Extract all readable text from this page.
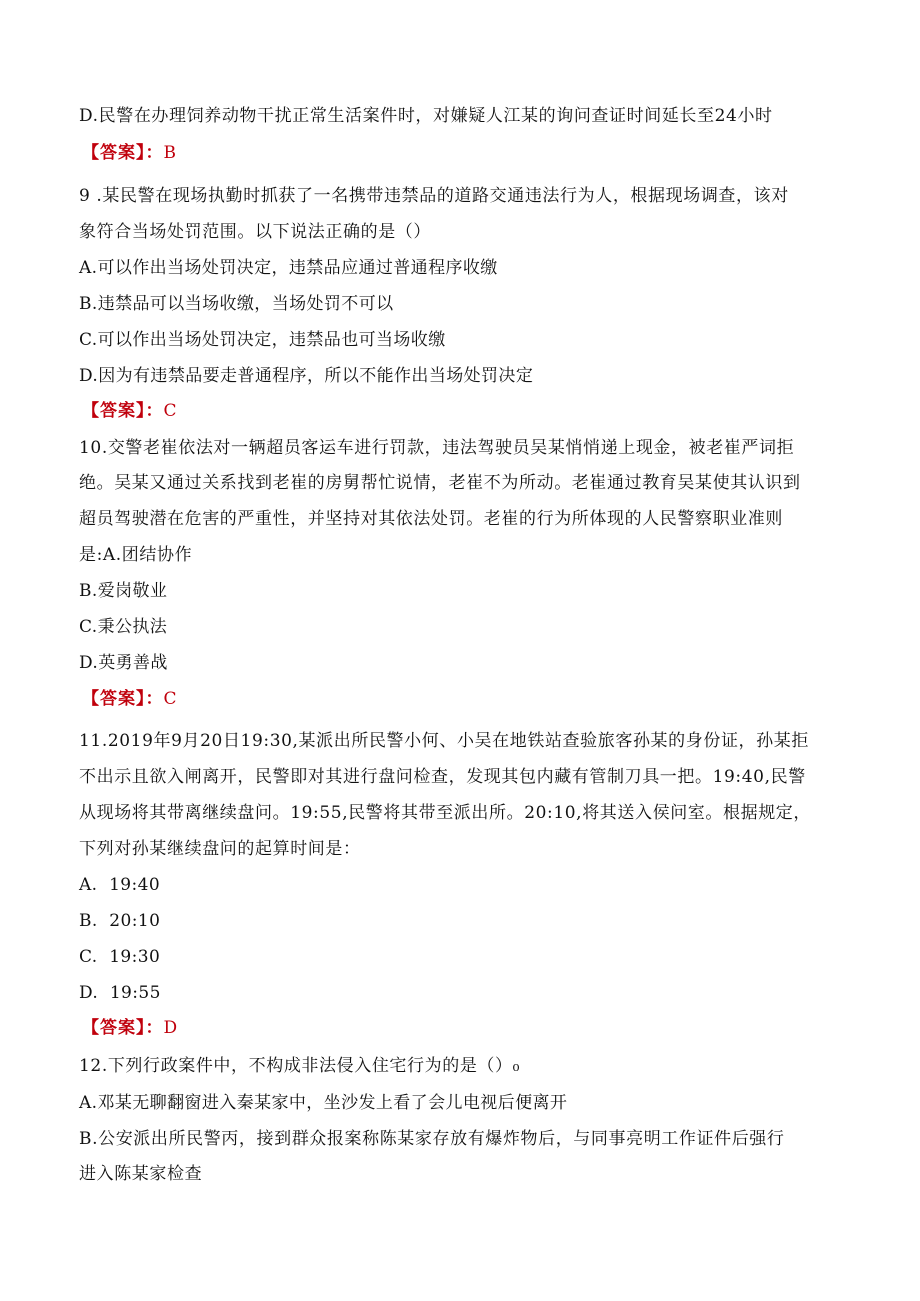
D.民警在办理饲养动物干扰正常生活案件时，对嫌疑人江某的询问查证时间延长至24小时
【答案】：B
9 .某民警在现场执勤时抓获了一名携带违禁品的道路交通违法行为人，根据现场调查，该对
象符合当场处罚范围。以下说法正确的是（）
A.可以作出当场处罚决定，违禁品应通过普通程序收缴
B.违禁品可以当场收缴，当场处罚不可以
C.可以作出当场处罚决定，违禁品也可当场收缴
D.因为有违禁品要走普通程序，所以不能作出当场处罚决定
【答案】：C
10.交警老崔依法对一辆超员客运车进行罚款，违法驾驶员吴某悄悄递上现金，被老崔严词拒
绝。吴某又通过关系找到老崔的房舅帮忙说情，老崔不为所动。老崔通过教育吴某使其认识到
超员驾驶潜在危害的严重性，并坚持对其依法处罚。老崔的行为所体现的人民警察职业准则
是:A.团结协作
B.爱岗敬业
C.秉公执法
D.英勇善战
【答案】：C
11.2019年9月20日19:30,某派出所民警小何、小吴在地铁站查验旅客孙某的身份证，孙某拒
不出示且欲入闸离开，民警即对其进行盘问检查，发现其包内藏有管制刀具一把。19:40,民警
从现场将其带离继续盘问。19:55,民警将其带至派出所。20:10,将其送入侯问室。根据规定，
下列对孙某继续盘问的起算时间是：
A.  19:40
B.  20:10
C.  19:30
D.  19:55
【答案】：D
12.下列行政案件中，不构成非法侵入住宅行为的是（）₀
A.邓某无聊翻窗进入秦某家中，坐沙发上看了会儿电视后便离开
B.公安派出所民警丙，接到群众报案称陈某家存放有爆炸物后，与同事亮明工作证件后强行
进入陈某家检查
